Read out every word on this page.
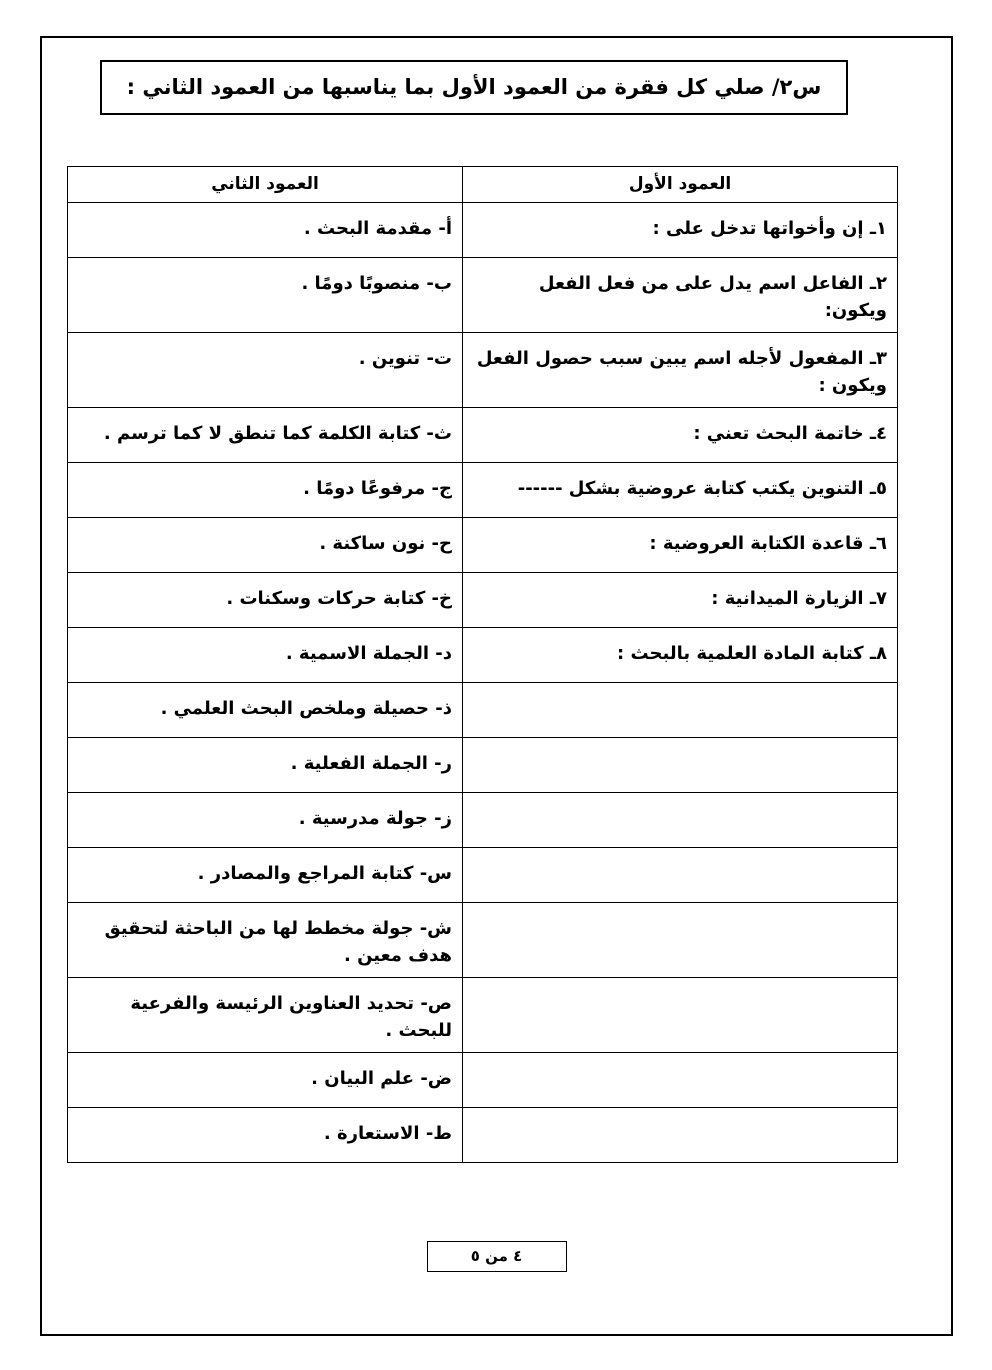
س٢/ صلي كل فقرة من العمود الأول بما يناسبها من العمود الثاني :
العمود الأول	العمود الثاني
١ـ إن وأخواتها تدخل على :	أ- مقدمة البحث .
٢ـ الفاعل اسم يدل على من فعل الفعل ويكون:	ب- منصوبًا دومًا .
٣ـ المفعول لأجله اسم يبين سبب حصول الفعل ويكون :	ت- تنوين .
٤ـ خاتمة البحث تعني :	ث- كتابة الكلمة كما تنطق لا كما ترسم .
٥ـ التنوين يكتب كتابة عروضية بشكل ------	ج- مرفوعًا دومًا .
٦ـ قاعدة الكتابة العروضية :	ح- نون ساكنة .
٧ـ الزيارة الميدانية :	خ- كتابة حركات وسكنات .
٨ـ كتابة المادة العلمية بالبحث :	د- الجملة الاسمية .
	ذ- حصيلة وملخص البحث العلمي .
	ر- الجملة الفعلية .
	ز- جولة مدرسية .
	س- كتابة المراجع والمصادر .
	ش- جولة مخطط لها من الباحثة لتحقيق هدف معين .
	ص- تحديد العناوين الرئيسة والفرعية للبحث .
	ض- علم البيان .
	ط- الاستعارة .
٤ من ٥
